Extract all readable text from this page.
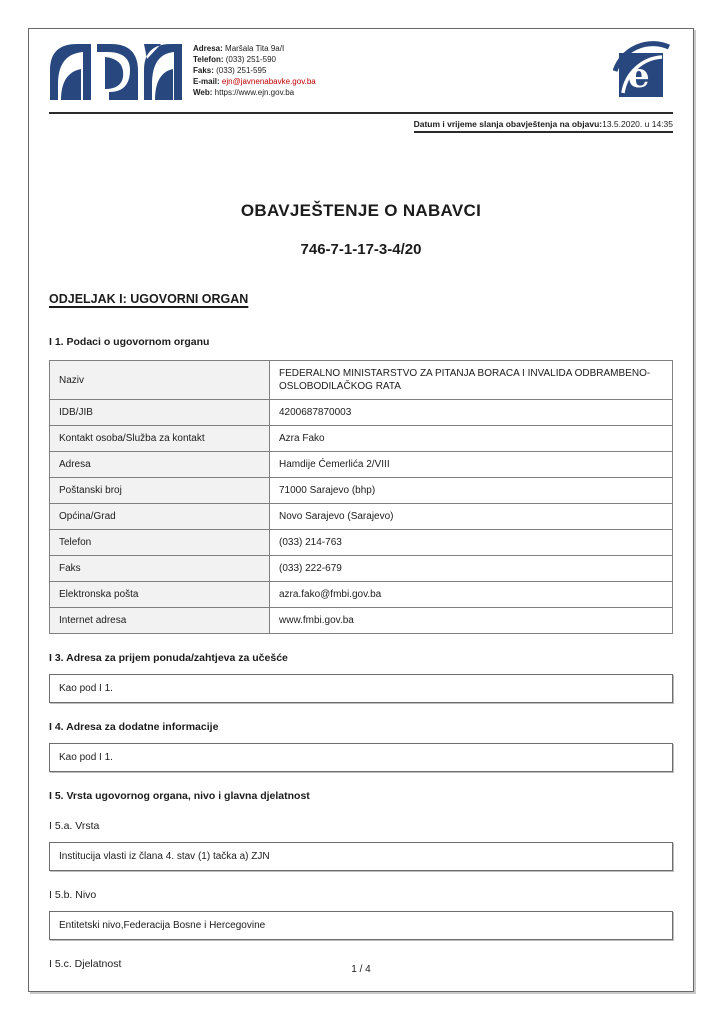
Adresa: Maršala Tita 9a/I
Telefon: (033) 251-590
Faks: (033) 251-595
E-mail: ejn@javnenabavke.gov.ba
Web: https://www.ejn.gov.ba	e
Datum i vrijeme slanja obavještenja na objavu:13.5.2020. u 14:35
OBAVJEŠTENJE O NABAVCI
746-7-1-17-3-4/20
ODJELJAK I: UGOVORNI ORGAN
I 1. Podaci o ugovornom organu
Naziv	FEDERALNO MINISTARSTVO ZA PITANJA BORACA I INVALIDA ODBRAMBENO-OSLOBODILAČKOG RATA
IDB/JIB	4200687870003
Kontakt osoba/Služba za kontakt	Azra Fako
Adresa	Hamdije Ćemerlića 2/VIII
Poštanski broj	71000 Sarajevo (bhp)
Općina/Grad	Novo Sarajevo (Sarajevo)
Telefon	(033) 214-763
Faks	(033) 222-679
Elektronska pošta	azra.fako@fmbi.gov.ba
Internet adresa	www.fmbi.gov.ba
I 3. Adresa za prijem ponuda/zahtjeva za učešće
Kao pod I 1.
I 4. Adresa za dodatne informacije
Kao pod I 1.
I 5. Vrsta ugovornog organa, nivo i glavna djelatnost
I 5.a. Vrsta
Institucija vlasti iz člana 4. stav (1) tačka a) ZJN
I 5.b. Nivo
Entitetski nivo,Federacija Bosne i Hercegovine
I 5.c. Djelatnost	1 / 4
